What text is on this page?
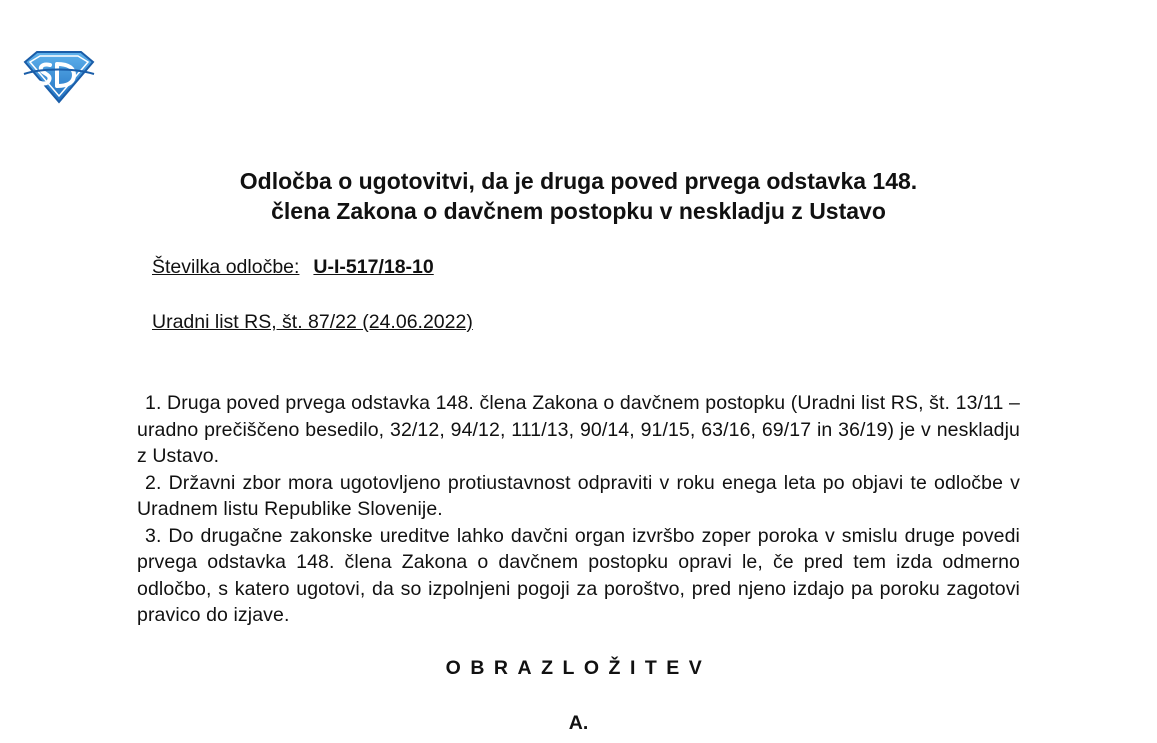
Odločba o ugotovitvi, da je druga poved prvega odstavka 148.
člena Zakona o davčnem postopku v neskladju z Ustavo
Številka odločbe: U-I-517/18-10
Uradni list RS, št. 87/22 (24.06.2022)

1. Druga poved prvega odstavka 148. člena Zakona o davčnem postopku (Uradni list RS, št. 13/11 – uradno prečiščeno besedilo, 32/12, 94/12, 111/13, 90/14, 91/15, 63/16, 69/17 in 36/19) je v neskladju z Ustavo.

2. Državni zbor mora ugotovljeno protiustavnost odpraviti v roku enega leta po objavi te odločbe v Uradnem listu Republike Slovenije.

3. Do drugačne zakonske ureditve lahko davčni organ izvršbo zoper poroka v smislu druge povedi prvega odstavka 148. člena Zakona o davčnem postopku opravi le, če pred tem izda odmerno odločbo, s katero ugotovi, da so izpolnjeni pogoji za poroštvo, pred njeno izdajo pa poroku zagotovi pravico do izjave.

OBRAZLOŽITEV
A.
